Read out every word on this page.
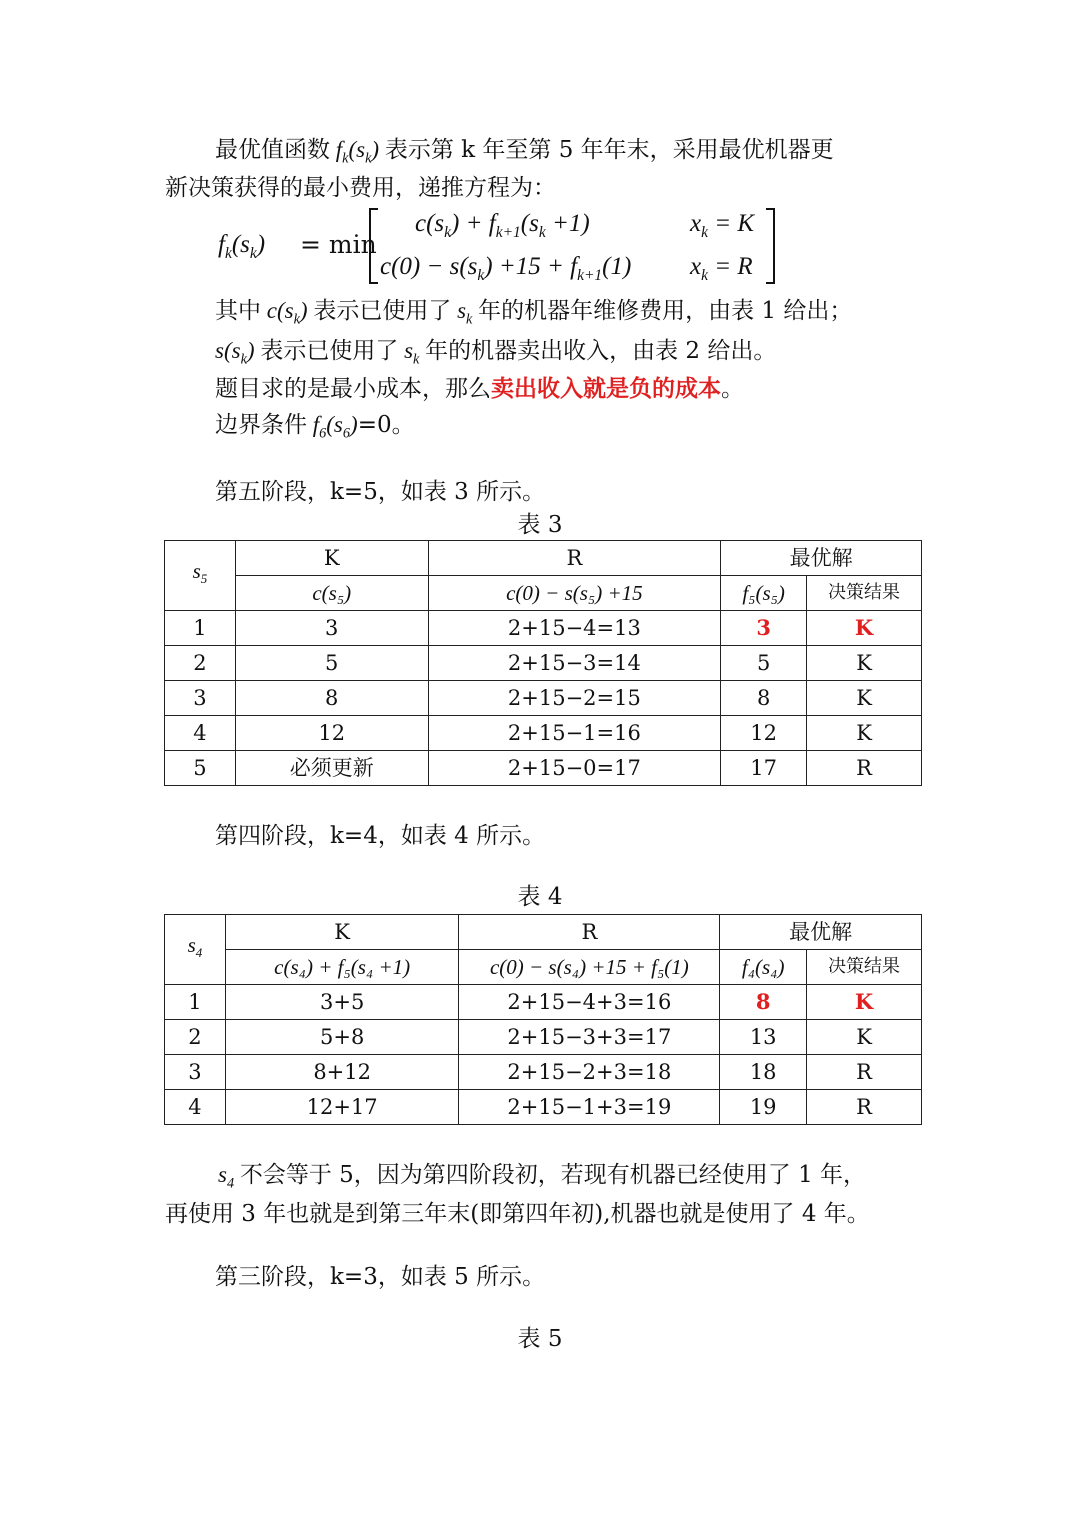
最优值函数 $f_k(s_k)$ 表示第 k 年至第 5 年年末，采用最优机器更
新决策获得的最小费用，递推方程为：
$f_k(s_k) = \min$
$c(s_k) + f_{k+1}(s_k +1)$	$x_k = K$
$c(0) - s(s_k) +15 + f_{k+1}(1) x_k = R$
其中 $c(s_k)$ 表示已使用了 $s_k$ 年的机器年维修费用，由表 1 给出；
$s(s_k)$ 表示已使用了 $s_k$ 年的机器卖出收入，由表 2 给出。
题目求的是最小成本，那么卖出收入就是负的成本。
边界条件 $f_6(s_6)=0$。
第五阶段，k=5，如表 3 所示。
表 3
$s_5$	K	R	最优解	
	c(s₅)	c(0) − s(s₅) +15	f₅(s₅)	决策结果
1	3	2+15−4=13	3	K
2	5	2+15−3=14	5	K
3	8	2+15−2=15	8	K
4	12	2+15−1=16	12	K
5	必须更新	2+15−0=17	17	R
第四阶段，k=4，如表 4 所示。
表 4
$s_4$	K	R	最优解	
	c(s₄) + f₅(s₄ +1)	c(0) − s(s₄) +15 + f₅(1)	f₄(s₄)	决策结果
1	3+5	2+15−4+3=16	8	K
2	5+8	2+15−3+3=17	13	K
3	8+12	2+15−2+3=18	18	R
4	12+17	2+15−1+3=19	19	R
$s_4$ 不会等于 5，因为第四阶段初，若现有机器已经使用了 1 年，
再使用 3 年也就是到第三年末(即第四年初),机器也就是使用了 4 年。
第三阶段，k=3，如表 5 所示。
表 5
